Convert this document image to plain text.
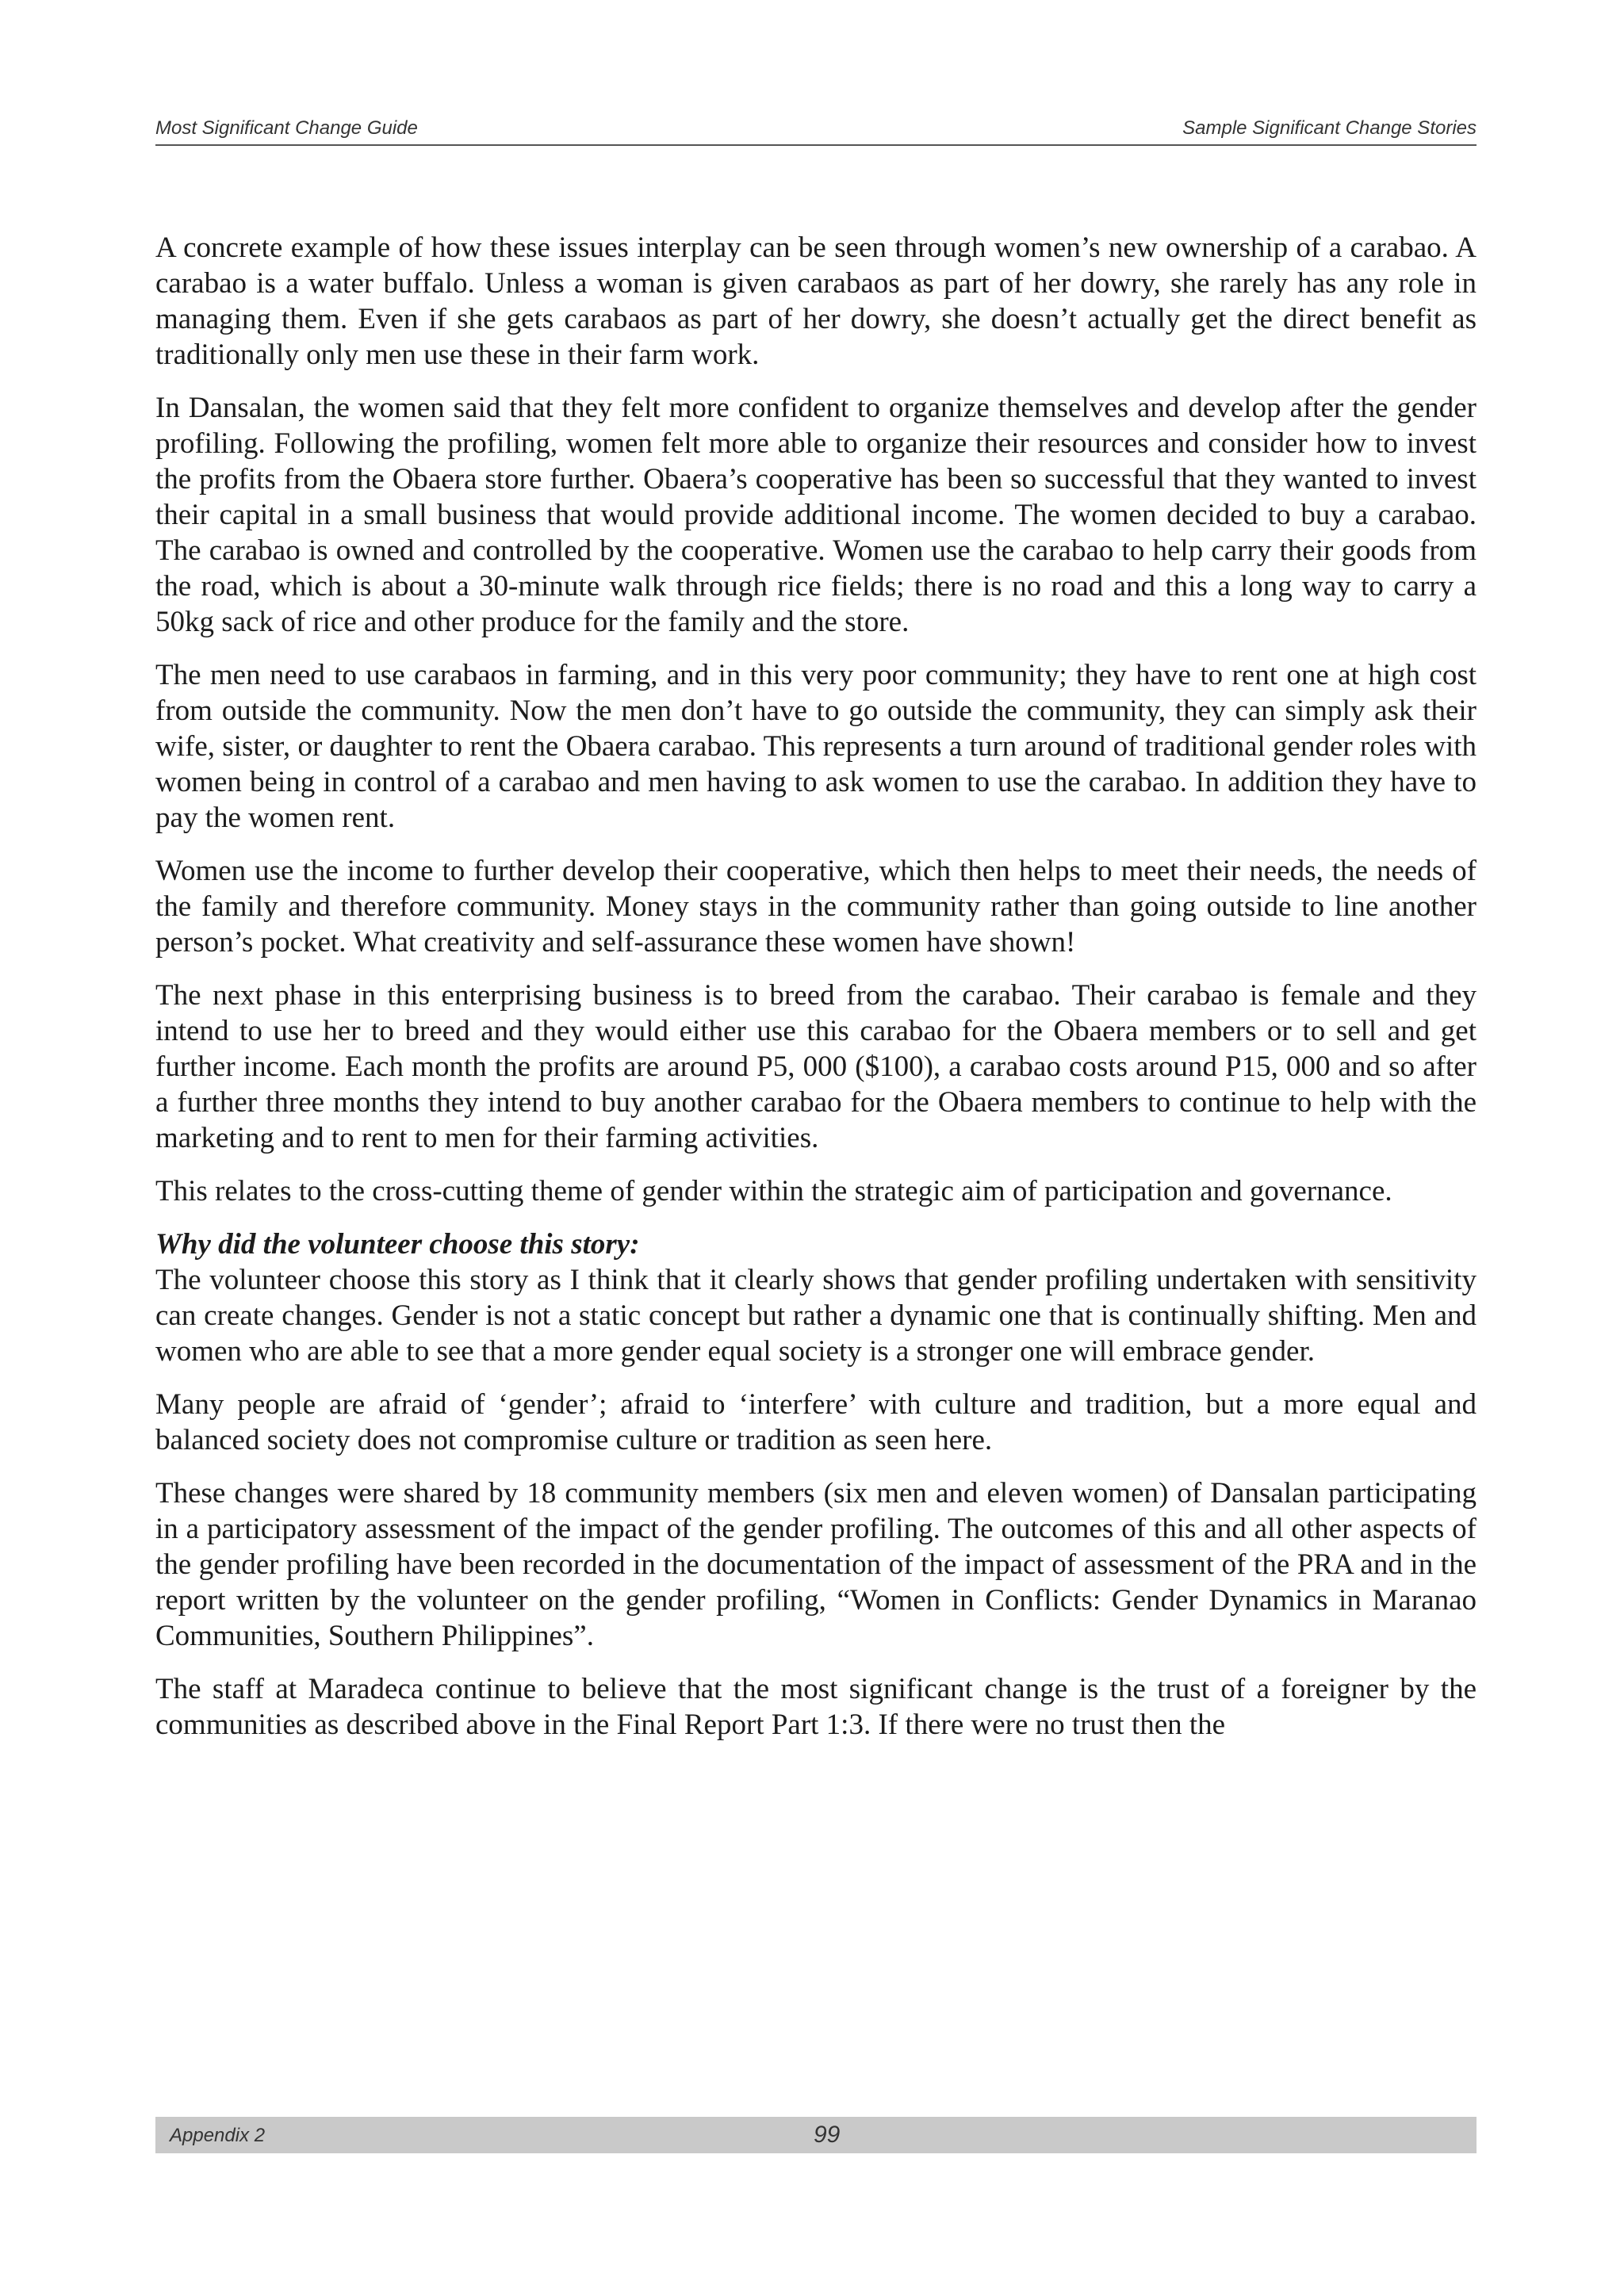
Most Significant Change Guide	Sample Significant Change Stories

A concrete example of how these issues interplay can be seen through women’s new ownership of a carabao. A carabao is a water buffalo. Unless a woman is given carabaos as part of her dowry, she rarely has any role in managing them. Even if she gets carabaos as part of her dowry, she doesn’t actually get the direct benefit as traditionally only men use these in their farm work.

In Dansalan, the women said that they felt more confident to organize themselves and develop after the gender profiling. Following the profiling, women felt more able to organize their resources and consider how to invest the profits from the Obaera store further. Obaera’s cooperative has been so successful that they wanted to invest their capital in a small business that would provide additional income. The women decided to buy a carabao. The carabao is owned and controlled by the cooperative. Women use the carabao to help carry their goods from the road, which is about a 30-minute walk through rice fields; there is no road and this a long way to carry a 50kg sack of rice and other produce for the family and the store.

The men need to use carabaos in farming, and in this very poor community; they have to rent one at high cost from outside the community. Now the men don’t have to go outside the community, they can simply ask their wife, sister, or daughter to rent the Obaera carabao. This represents a turn around of traditional gender roles with women being in control of a carabao and men having to ask women to use the carabao. In addition they have to pay the women rent.

Women use the income to further develop their cooperative, which then helps to meet their needs, the needs of the family and therefore community. Money stays in the community rather than going outside to line another person’s pocket. What creativity and self-assurance these women have shown!

The next phase in this enterprising business is to breed from the carabao. Their carabao is female and they intend to use her to breed and they would either use this carabao for the Obaera members or to sell and get further income. Each month the profits are around P5, 000 ($100), a carabao costs around P15, 000 and so after a further three months they intend to buy another carabao for the Obaera members to continue to help with the marketing and to rent to men for their farming activities.

This relates to the cross-cutting theme of gender within the strategic aim of participation and governance.

Why did the volunteer choose this story:

The volunteer choose this story as I think that it clearly shows that gender profiling undertaken with sensitivity can create changes. Gender is not a static concept but rather a dynamic one that is continually shifting. Men and women who are able to see that a more gender equal society is a stronger one will embrace gender.

Many people are afraid of ‘gender’; afraid to ‘interfere’ with culture and tradition, but a more equal and balanced society does not compromise culture or tradition as seen here.

These changes were shared by 18 community members (six men and eleven women) of Dansalan participating in a participatory assessment of the impact of the gender profiling. The outcomes of this and all other aspects of the gender profiling have been recorded in the documentation of the impact of assessment of the PRA and in the report written by the volunteer on the gender profiling, “Women in Conflicts: Gender Dynamics in Maranao Communities, Southern Philippines”.

The staff at Maradeca continue to believe that the most significant change is the trust of a foreigner by the communities as described above in the Final Report Part 1:3. If there were no trust then the

Appendix 2	99
